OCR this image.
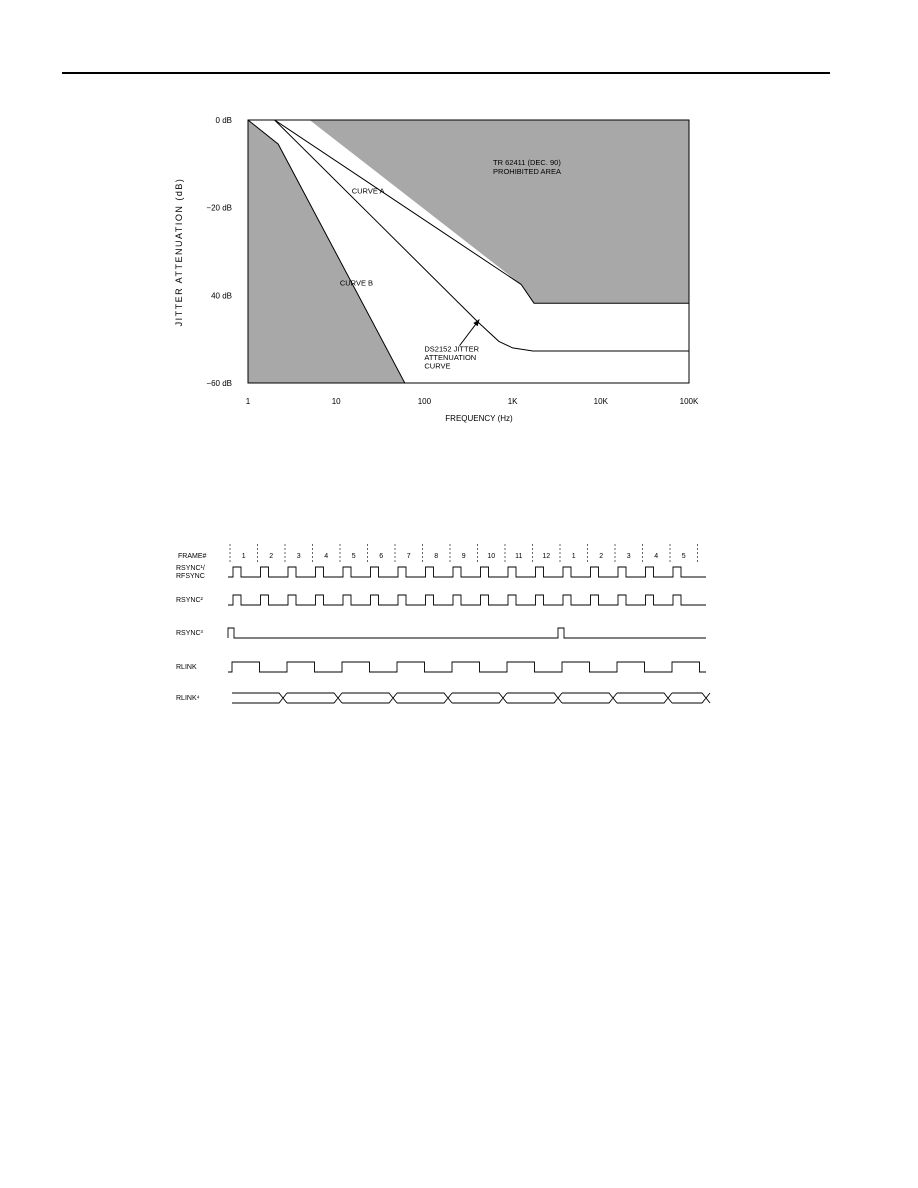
0 dB
−20 dB
40 dB
−60 dB
1	10	100	1K	10K	100K
JITTER ATTENUATION (dB)
FREQUENCY (Hz)
TR 62411 (DEC. 90) PROHIBITED AREA
CURVE A
CURVE B
DS2152 JITTER ATTENUATION CURVE
FRAME#	1	2	3	4	5	6	7	8	9	10	11	12	1	2	3	4	5
RSYNC¹/ RFSYNC
RSYNC²
RSYNC³
RLINK
RLINK⁴
